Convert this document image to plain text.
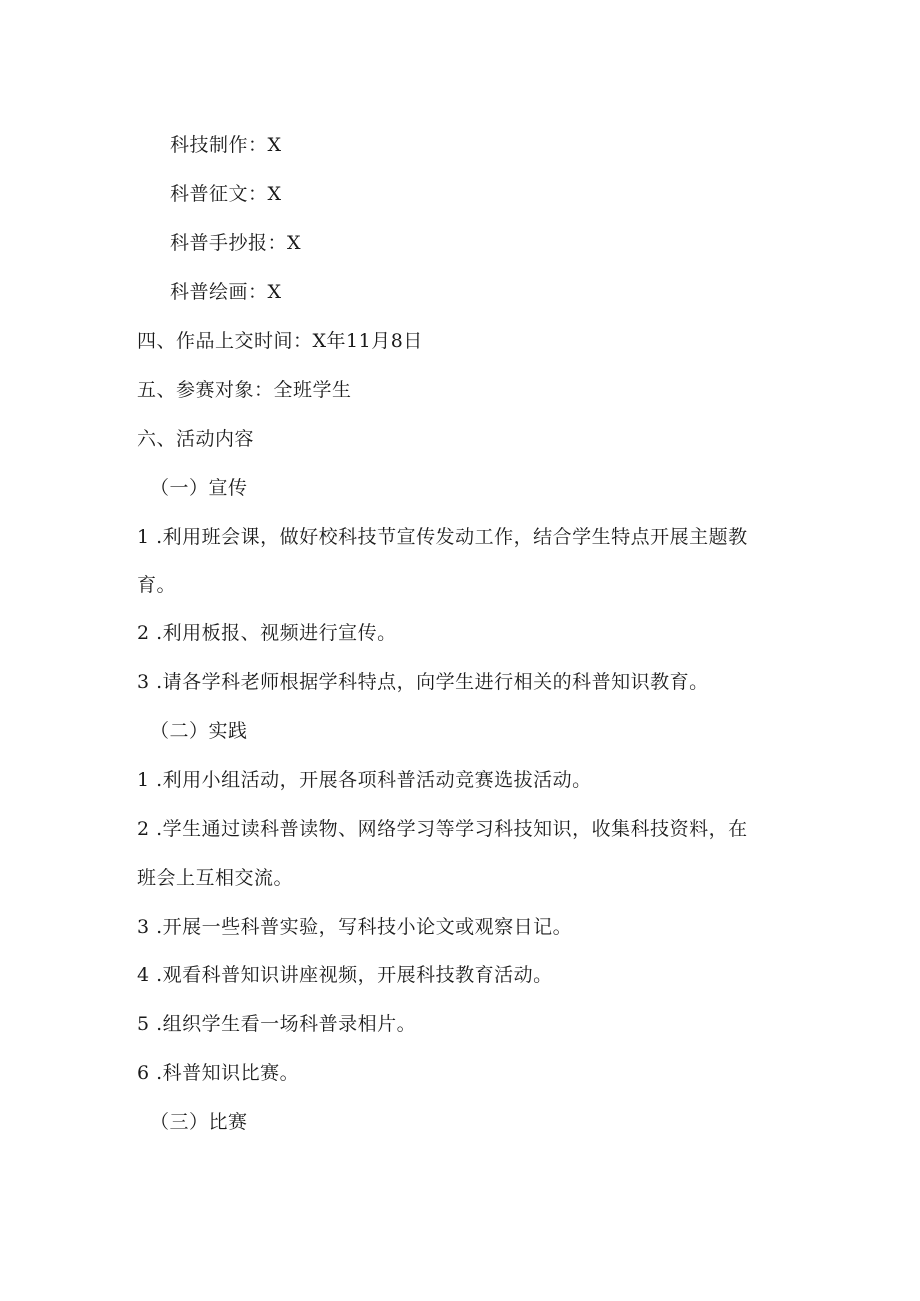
科技制作：X
科普征文：X
科普手抄报：X
科普绘画：X
四、作品上交时间：X年11月8日
五、参赛对象：全班学生
六、活动内容
（一）宣传
1 .利用班会课，做好校科技节宣传发动工作，结合学生特点开展主题教
育。
2 .利用板报、视频进行宣传。
3 .请各学科老师根据学科特点，向学生进行相关的科普知识教育。
（二）实践
1 .利用小组活动，开展各项科普活动竞赛选拔活动。
2 .学生通过读科普读物、网络学习等学习科技知识，收集科技资料，在
班会上互相交流。
3 .开展一些科普实验，写科技小论文或观察日记。
4 .观看科普知识讲座视频，开展科技教育活动。
5 .组织学生看一场科普录相片。
6 .科普知识比赛。
（三）比赛
